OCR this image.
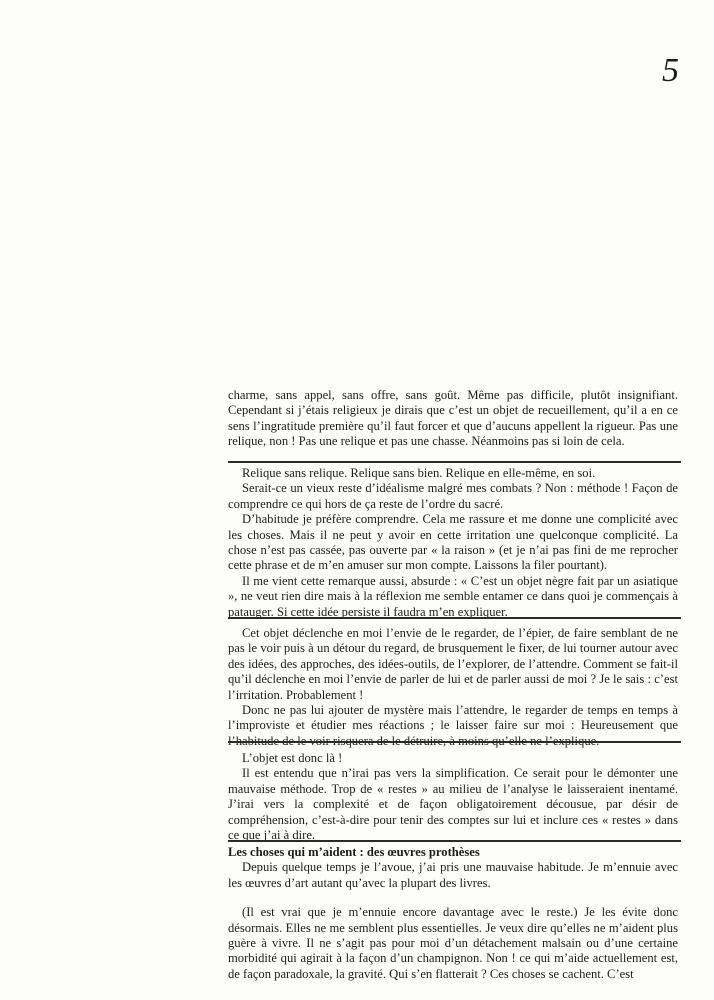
5

charme, sans appel, sans offre, sans goût. Même pas difficile, plutôt insignifiant. Cependant si j’étais religieux je dirais que c’est un objet de recueillement, qu’il a en ce sens l’ingratitude première qu’il faut forcer et que d’aucuns appellent la rigueur. Pas une relique, non ! Pas une relique et pas une chasse. Néanmoins pas si loin de cela.

Relique sans relique. Relique sans bien. Relique en elle-même, en soi.

Serait-ce un vieux reste d’idéalisme malgré mes combats ? Non : méthode ! Façon de comprendre ce qui hors de ça reste de l’ordre du sacré.

D’habitude je préfère comprendre. Cela me rassure et me donne une complicité avec les choses. Mais il ne peut y avoir en cette irritation une quelconque complicité. La chose n’est pas cassée, pas ouverte par « la raison » (et je n’ai pas fini de me reprocher cette phrase et de m’en amuser sur mon compte. Laissons la filer pourtant).

Il me vient cette remarque aussi, absurde : « C’est un objet nègre fait par un asiatique », ne veut rien dire mais à la réflexion me semble entamer ce dans quoi je commençais à patauger. Si cette idée persiste il faudra m’en expliquer.

Cet objet déclenche en moi l’envie de le regarder, de l’épier, de faire semblant de ne pas le voir puis à un détour du regard, de brusquement le fixer, de lui tourner autour avec des idées, des approches, des idées-outils, de l’explorer, de l’attendre. Comment se fait-il qu’il déclenche en moi l’envie de parler de lui et de parler aussi de moi ? Je le sais : c’est l’irritation. Probablement !

Donc ne pas lui ajouter de mystère mais l’attendre, le regarder de temps en temps à l’improviste et étudier mes réactions ; le laisser faire sur moi : Heureusement que l’habitude de le voir risquera de le détruire, à moins qu’elle ne l’explique.

L’objet est donc là !

Il est entendu que n’irai pas vers la simplification. Ce serait pour le démonter une mauvaise méthode. Trop de « restes » au milieu de l’analyse le laisseraient inentamé. J’irai vers la complexité et de façon obligatoirement décousue, par désir de compréhension, c’est-à-dire pour tenir des comptes sur lui et inclure ces « restes » dans ce que j’ai à dire.

Les choses qui m’aident : des œuvres prothèses

Depuis quelque temps je l’avoue, j’ai pris une mauvaise habitude. Je m’ennuie avec les œuvres d’art autant qu’avec la plupart des livres.

(Il est vrai que je m’ennuie encore davantage avec le reste.) Je les évite donc désormais. Elles ne me semblent plus essentielles. Je veux dire qu’elles ne m’aident plus guère à vivre. Il ne s’agit pas pour moi d’un détachement malsain ou d’une certaine morbidité qui agirait à la façon d’un champignon. Non ! ce qui m’aide actuellement est, de façon paradoxale, la gravité. Qui s’en flatterait ? Ces choses se cachent. C’est
